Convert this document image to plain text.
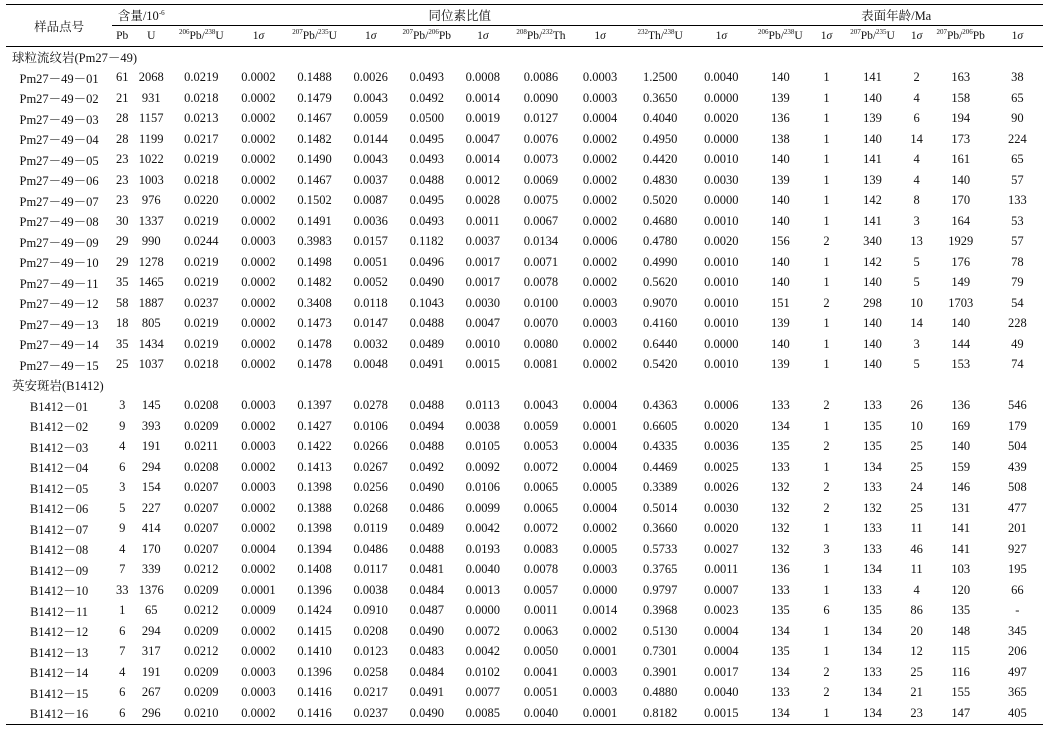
样品点号	含量$/10^{-6}$		同位素比值										表面年龄/Ma					
	Pb	U	$^{206}$Pb/$^{238}$U	1σ	$^{207}$Pb/$^{235}$U	1σ	$^{207}$Pb/$^{206}$Pb	1σ	$^{208}$Pb/$^{232}$Th	1σ	$^{232}$Th/$^{238}$U	1σ	$^{206}$Pb/$^{238}$U	1σ	$^{207}$Pb/$^{235}$U	1σ	$^{207}$Pb/$^{206}$Pb	1σ
球粒流纹岩(Pm27－49)																		
Pm27－49－01	61	2068	0.0219	0.0002	0.1488	0.0026	0.0493	0.0008	0.0086	0.0003	1.2500	0.0040	140	1	141	2	163	38
Pm27－49－02	21	931	0.0218	0.0002	0.1479	0.0043	0.0492	0.0014	0.0090	0.0003	0.3650	0.0000	139	1	140	4	158	65
Pm27－49－03	28	1157	0.0213	0.0002	0.1467	0.0059	0.0500	0.0019	0.0127	0.0004	0.4040	0.0020	136	1	139	6	194	90
Pm27－49－04	28	1199	0.0217	0.0002	0.1482	0.0144	0.0495	0.0047	0.0076	0.0002	0.4950	0.0000	138	1	140	14	173	224
Pm27－49－05	23	1022	0.0219	0.0002	0.1490	0.0043	0.0493	0.0014	0.0073	0.0002	0.4420	0.0010	140	1	141	4	161	65
Pm27－49－06	23	1003	0.0218	0.0002	0.1467	0.0037	0.0488	0.0012	0.0069	0.0002	0.4830	0.0030	139	1	139	4	140	57
Pm27－49－07	23	976	0.0220	0.0002	0.1502	0.0087	0.0495	0.0028	0.0075	0.0002	0.5020	0.0000	140	1	142	8	170	133
Pm27－49－08	30	1337	0.0219	0.0002	0.1491	0.0036	0.0493	0.0011	0.0067	0.0002	0.4680	0.0010	140	1	141	3	164	53
Pm27－49－09	29	990	0.0244	0.0003	0.3983	0.0157	0.1182	0.0037	0.0134	0.0006	0.4780	0.0020	156	2	340	13	1929	57
Pm27－49－10	29	1278	0.0219	0.0002	0.1498	0.0051	0.0496	0.0017	0.0071	0.0002	0.4990	0.0010	140	1	142	5	176	78
Pm27－49－11	35	1465	0.0219	0.0002	0.1482	0.0052	0.0490	0.0017	0.0078	0.0002	0.5620	0.0010	140	1	140	5	149	79
Pm27－49－12	58	1887	0.0237	0.0002	0.3408	0.0118	0.1043	0.0030	0.0100	0.0003	0.9070	0.0010	151	2	298	10	1703	54
Pm27－49－13	18	805	0.0219	0.0002	0.1473	0.0147	0.0488	0.0047	0.0070	0.0003	0.4160	0.0010	139	1	140	14	140	228
Pm27－49－14	35	1434	0.0219	0.0002	0.1478	0.0032	0.0489	0.0010	0.0080	0.0002	0.6440	0.0000	140	1	140	3	144	49
Pm27－49－15	25	1037	0.0218	0.0002	0.1478	0.0048	0.0491	0.0015	0.0081	0.0002	0.5420	0.0010	139	1	140	5	153	74
英安斑岩(B1412)																		
B1412－01	3	145	0.0208	0.0003	0.1397	0.0278	0.0488	0.0113	0.0043	0.0004	0.4363	0.0006	133	2	133	26	136	546
B1412－02	9	393	0.0209	0.0002	0.1427	0.0106	0.0494	0.0038	0.0059	0.0001	0.6605	0.0020	134	1	135	10	169	179
B1412－03	4	191	0.0211	0.0003	0.1422	0.0266	0.0488	0.0105	0.0053	0.0004	0.4335	0.0036	135	2	135	25	140	504
B1412－04	6	294	0.0208	0.0002	0.1413	0.0267	0.0492	0.0092	0.0072	0.0004	0.4469	0.0025	133	1	134	25	159	439
B1412－05	3	154	0.0207	0.0003	0.1398	0.0256	0.0490	0.0106	0.0065	0.0005	0.3389	0.0026	132	2	133	24	146	508
B1412－06	5	227	0.0207	0.0002	0.1388	0.0268	0.0486	0.0099	0.0065	0.0004	0.5014	0.0030	132	2	132	25	131	477
B1412－07	9	414	0.0207	0.0002	0.1398	0.0119	0.0489	0.0042	0.0072	0.0002	0.3660	0.0020	132	1	133	11	141	201
B1412－08	4	170	0.0207	0.0004	0.1394	0.0486	0.0488	0.0193	0.0083	0.0005	0.5733	0.0027	132	3	133	46	141	927
B1412－09	7	339	0.0212	0.0002	0.1408	0.0117	0.0481	0.0040	0.0078	0.0003	0.3765	0.0011	136	1	134	11	103	195
B1412－10	33	1376	0.0209	0.0001	0.1396	0.0038	0.0484	0.0013	0.0057	0.0000	0.9797	0.0007	133	1	133	4	120	66
B1412－11	1	65	0.0212	0.0009	0.1424	0.0910	0.0487	0.0000	0.0011	0.0014	0.3968	0.0023	135	6	135	86	135	-
B1412－12	6	294	0.0209	0.0002	0.1415	0.0208	0.0490	0.0072	0.0063	0.0002	0.5130	0.0004	134	1	134	20	148	345
B1412－13	7	317	0.0212	0.0002	0.1410	0.0123	0.0483	0.0042	0.0050	0.0001	0.7301	0.0004	135	1	134	12	115	206
B1412－14	4	191	0.0209	0.0003	0.1396	0.0258	0.0484	0.0102	0.0041	0.0003	0.3901	0.0017	134	2	133	25	116	497
B1412－15	6	267	0.0209	0.0003	0.1416	0.0217	0.0491	0.0077	0.0051	0.0003	0.4880	0.0040	133	2	134	21	155	365
B1412－16	6	296	0.0210	0.0002	0.1416	0.0237	0.0490	0.0085	0.0040	0.0001	0.8182	0.0015	134	1	134	23	147	405
